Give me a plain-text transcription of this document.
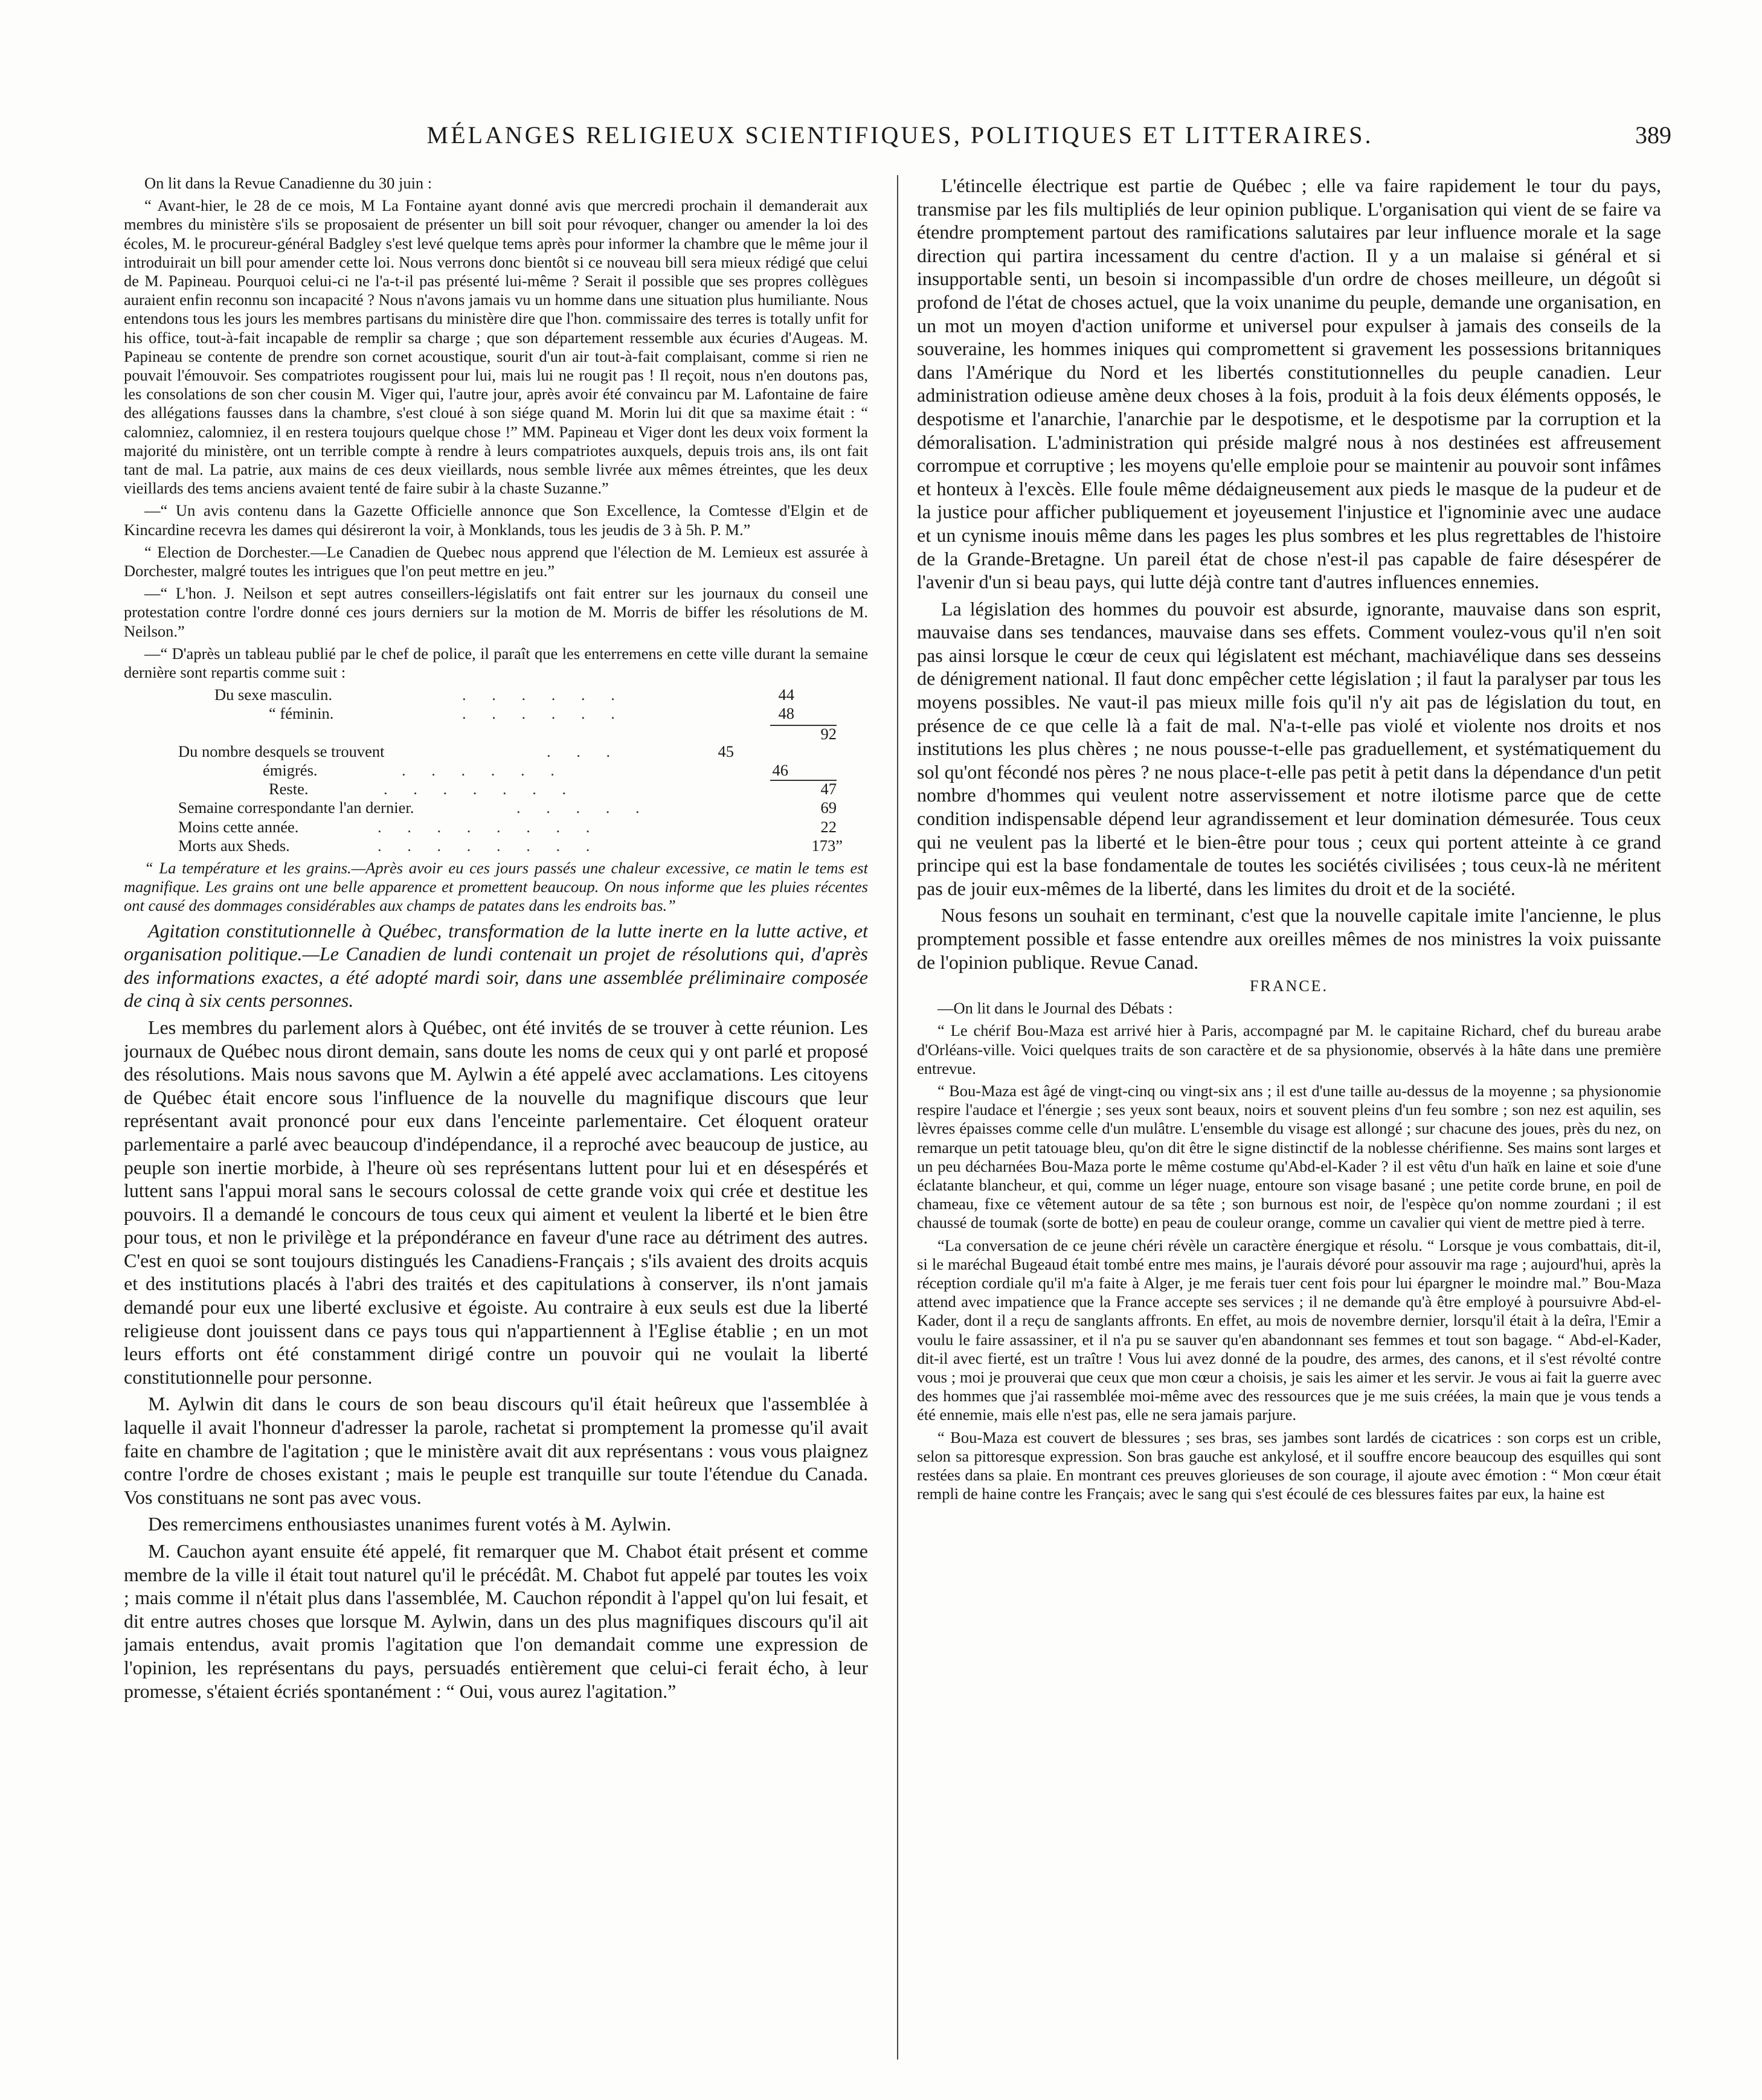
MÉLANGES RELIGIEUX SCIENTIFIQUES, POLITIQUES ET LITTERAIRES.	389

On lit dans la Revue Canadienne du 30 juin :

“ Avant-hier, le 28 de ce mois, M La Fontaine ayant donné avis que mercredi prochain il demanderait aux membres du ministère s'ils se proposaient de présenter un bill soit pour révoquer, changer ou amender la loi des écoles, M. le procureur-général Badgley s'est levé quelque tems après pour informer la chambre que le même jour il introduirait un bill pour amender cette loi. Nous verrons donc bientôt si ce nouveau bill sera mieux rédigé que celui de M. Papineau. Pourquoi celui-ci ne l'a-t-il pas présenté lui-même ? Serait il possible que ses propres collègues auraient enfin reconnu son incapacité ? Nous n'avons jamais vu un homme dans une situation plus humiliante. Nous entendons tous les jours les membres partisans du ministère dire que l'hon. commissaire des terres is totally unfit for his office, tout-à-fait incapable de remplir sa charge ; que son département ressemble aux écuries d'Augeas. M. Papineau se contente de prendre son cornet acoustique, sourit d'un air tout-à-fait complaisant, comme si rien ne pouvait l'émouvoir. Ses compatriotes rougissent pour lui, mais lui ne rougit pas ! Il reçoit, nous n'en doutons pas, les consolations de son cher cousin M. Viger qui, l'autre jour, après avoir été convaincu par M. Lafontaine de faire des allégations fausses dans la chambre, s'est cloué à son siége quand M. Morin lui dit que sa maxime était : “ calomniez, calomniez, il en restera toujours quelque chose !” MM. Papineau et Viger dont les deux voix forment la majorité du ministère, ont un terrible compte à rendre à leurs compatriotes auxquels, depuis trois ans, ils ont fait tant de mal. La patrie, aux mains de ces deux vieillards, nous semble livrée aux mêmes étreintes, que les deux vieillards des tems anciens avaient tenté de faire subir à la chaste Suzanne.”

—“ Un avis contenu dans la Gazette Officielle annonce que Son Excellence, la Comtesse d'Elgin et de Kincardine recevra les dames qui désireront la voir, à Monklands, tous les jeudis de 3 à 5h. P. M.”

“ Election de Dorchester.—Le Canadien de Quebec nous apprend que l'élection de M. Lemieux est assurée à Dorchester, malgré toutes les intrigues que l'on peut mettre en jeu.”

—“ L'hon. J. Neilson et sept autres conseillers-législatifs ont fait entrer sur les journaux du conseil une protestation contre l'ordre donné ces jours derniers sur la motion de M. Morris de biffer les résolutions de M. Neilson.”

—“ D'après un tableau publié par le chef de police, il paraît que les enterremens en cette ville durant la semaine dernière sont repartis comme suit :

Du sexe masculin.	. . . . . .	44
“ féminin.	. . . . . .	48
92
Du nombre desquels se trouvent	. . .	45
émigrés.	. . . . . .	46
Reste.	. . . . . . .	47
Semaine correspondante l'an dernier.	. . . . .	69
Moins cette année.	. . . . . . . .	22
Morts aux Sheds.	. . . . . . . .	173”

“ La température et les grains.—Après avoir eu ces jours passés une chaleur excessive, ce matin le tems est magnifique. Les grains ont une belle apparence et promettent beaucoup. On nous informe que les pluies récentes ont causé des dommages considérables aux champs de patates dans les endroits bas.”

Agitation constitutionnelle à Québec, transformation de la lutte inerte en la lutte active, et organisation politique.—Le Canadien de lundi contenait un projet de résolutions qui, d'après des informations exactes, a été adopté mardi soir, dans une assemblée préliminaire composée de cinq à six cents personnes.

Les membres du parlement alors à Québec, ont été invités de se trouver à cette réunion. Les journaux de Québec nous diront demain, sans doute les noms de ceux qui y ont parlé et proposé des résolutions. Mais nous savons que M. Aylwin a été appelé avec acclamations. Les citoyens de Québec était encore sous l'influence de la nouvelle du magnifique discours que leur représentant avait prononcé pour eux dans l'enceinte parlementaire. Cet éloquent orateur parlementaire a parlé avec beaucoup d'indépendance, il a reproché avec beaucoup de justice, au peuple son inertie morbide, à l'heure où ses représentans luttent pour lui et en désespérés et luttent sans l'appui moral sans le secours colossal de cette grande voix qui crée et destitue les pouvoirs. Il a demandé le concours de tous ceux qui aiment et veulent la liberté et le bien être pour tous, et non le privilège et la prépondérance en faveur d'une race au détriment des autres. C'est en quoi se sont toujours distingués les Canadiens-Français ; s'ils avaient des droits acquis et des institutions placés à l'abri des traités et des capitulations à conserver, ils n'ont jamais demandé pour eux une liberté exclusive et égoiste. Au contraire à eux seuls est due la liberté religieuse dont jouissent dans ce pays tous qui n'appartiennent à l'Eglise établie ; en un mot leurs efforts ont été constamment dirigé contre un pouvoir qui ne voulait la liberté constitutionnelle pour personne.

M. Aylwin dit dans le cours de son beau discours qu'il était heûreux que l'assemblée à laquelle il avait l'honneur d'adresser la parole, rachetat si promptement la promesse qu'il avait faite en chambre de l'agitation ; que le ministère avait dit aux représentans : vous vous plaignez contre l'ordre de choses existant ; mais le peuple est tranquille sur toute l'étendue du Canada. Vos constituans ne sont pas avec vous.

Des remercimens enthousiastes unanimes furent votés à M. Aylwin.

M. Cauchon ayant ensuite été appelé, fit remarquer que M. Chabot était présent et comme membre de la ville il était tout naturel qu'il le précédât. M. Chabot fut appelé par toutes les voix ; mais comme il n'était plus dans l'assemblée, M. Cauchon répondit à l'appel qu'on lui fesait, et dit entre autres choses que lorsque M. Aylwin, dans un des plus magnifiques discours qu'il ait jamais entendus, avait promis l'agitation que l'on demandait comme une expression de l'opinion, les représentans du pays, persuadés entièrement que celui-ci ferait écho, à leur promesse, s'étaient écriés spontanément : “ Oui, vous aurez l'agitation.”

L'étincelle électrique est partie de Québec ; elle va faire rapidement le tour du pays, transmise par les fils multipliés de leur opinion publique. L'organisation qui vient de se faire va étendre promptement partout des ramifications salutaires par leur influence morale et la sage direction qui partira incessament du centre d'action. Il y a un malaise si général et si insupportable senti, un besoin si incompassible d'un ordre de choses meilleure, un dégoût si profond de l'état de choses actuel, que la voix unanime du peuple, demande une organisation, en un mot un moyen d'action uniforme et universel pour expulser à jamais des conseils de la souveraine, les hommes iniques qui compromettent si gravement les possessions britanniques dans l'Amérique du Nord et les libertés constitutionnelles du peuple canadien. Leur administration odieuse amène deux choses à la fois, produit à la fois deux éléments opposés, le despotisme et l'anarchie, l'anarchie par le despotisme, et le despotisme par la corruption et la démoralisation. L'administration qui préside malgré nous à nos destinées est affreusement corrompue et corruptive ; les moyens qu'elle emploie pour se maintenir au pouvoir sont infâmes et honteux à l'excès. Elle foule même dédaigneusement aux pieds le masque de la pudeur et de la justice pour afficher publiquement et joyeusement l'injustice et l'ignominie avec une audace et un cynisme inouis même dans les pages les plus sombres et les plus regrettables de l'histoire de la Grande-Bretagne. Un pareil état de chose n'est-il pas capable de faire désespérer de l'avenir d'un si beau pays, qui lutte déjà contre tant d'autres influences ennemies.

La législation des hommes du pouvoir est absurde, ignorante, mauvaise dans son esprit, mauvaise dans ses tendances, mauvaise dans ses effets. Comment voulez-vous qu'il n'en soit pas ainsi lorsque le cœur de ceux qui législatent est méchant, machiavélique dans ses desseins de dénigrement national. Il faut donc empêcher cette législation ; il faut la paralyser par tous les moyens possibles. Ne vaut-il pas mieux mille fois qu'il n'y ait pas de législation du tout, en présence de ce que celle là a fait de mal. N'a-t-elle pas violé et violente nos droits et nos institutions les plus chères ; ne nous pousse-t-elle pas graduellement, et systématiquement du sol qu'ont fécondé nos pères ? ne nous place-t-elle pas petit à petit dans la dépendance d'un petit nombre d'hommes qui veulent notre asservissement et notre ilotisme parce que de cette condition indispensable dépend leur agrandissement et leur domination démesurée. Tous ceux qui ne veulent pas la liberté et le bien-être pour tous ; ceux qui portent atteinte à ce grand principe qui est la base fondamentale de toutes les sociétés civilisées ; tous ceux-là ne méritent pas de jouir eux-mêmes de la liberté, dans les limites du droit et de la société.

Nous fesons un souhait en terminant, c'est que la nouvelle capitale imite l'ancienne, le plus promptement possible et fasse entendre aux oreilles mêmes de nos ministres la voix puissante de l'opinion publique. Revue Canad.

FRANCE.

—On lit dans le Journal des Débats :

“ Le chérif Bou-Maza est arrivé hier à Paris, accompagné par M. le capitaine Richard, chef du bureau arabe d'Orléans-ville. Voici quelques traits de son caractère et de sa physionomie, observés à la hâte dans une première entrevue.

“ Bou-Maza est âgé de vingt-cinq ou vingt-six ans ; il est d'une taille au-dessus de la moyenne ; sa physionomie respire l'audace et l'énergie ; ses yeux sont beaux, noirs et souvent pleins d'un feu sombre ; son nez est aquilin, ses lèvres épaisses comme celle d'un mulâtre. L'ensemble du visage est allongé ; sur chacune des joues, près du nez, on remarque un petit tatouage bleu, qu'on dit être le signe distinctif de la noblesse chérifienne. Ses mains sont larges et un peu décharnées Bou-Maza porte le même costume qu'Abd-el-Kader ? il est vêtu d'un haïk en laine et soie d'une éclatante blancheur, et qui, comme un léger nuage, entoure son visage basané ; une petite corde brune, en poil de chameau, fixe ce vêtement autour de sa tête ; son burnous est noir, de l'espèce qu'on nomme zourdani ; il est chaussé de toumak (sorte de botte) en peau de couleur orange, comme un cavalier qui vient de mettre pied à terre.

“La conversation de ce jeune chéri révèle un caractère énergique et résolu. “ Lorsque je vous combattais, dit-il, si le maréchal Bugeaud était tombé entre mes mains, je l'aurais dévoré pour assouvir ma rage ; aujourd'hui, après la réception cordiale qu'il m'a faite à Alger, je me ferais tuer cent fois pour lui épargner le moindre mal.” Bou-Maza attend avec impatience que la France accepte ses services ; il ne demande qu'à être employé à poursuivre Abd-el-Kader, dont il a reçu de sanglants affronts. En effet, au mois de novembre dernier, lorsqu'il était à la deîra, l'Emir a voulu le faire assassiner, et il n'a pu se sauver qu'en abandonnant ses femmes et tout son bagage. “ Abd-el-Kader, dit-il avec fierté, est un traître ! Vous lui avez donné de la poudre, des armes, des canons, et il s'est révolté contre vous ; moi je prouverai que ceux que mon cœur a choisis, je sais les aimer et les servir. Je vous ai fait la guerre avec des hommes que j'ai rassemblée moi-même avec des ressources que je me suis créées, la main que je vous tends a été ennemie, mais elle n'est pas, elle ne sera jamais parjure.

“ Bou-Maza est couvert de blessures ; ses bras, ses jambes sont lardés de cicatrices : son corps est un crible, selon sa pittoresque expression. Son bras gauche est ankylosé, et il souffre encore beaucoup des esquilles qui sont restées dans sa plaie. En montrant ces preuves glorieuses de son courage, il ajoute avec émotion : “ Mon cœur était rempli de haine contre les Français; avec le sang qui s'est écoulé de ces blessures faites par eux, la haine est
